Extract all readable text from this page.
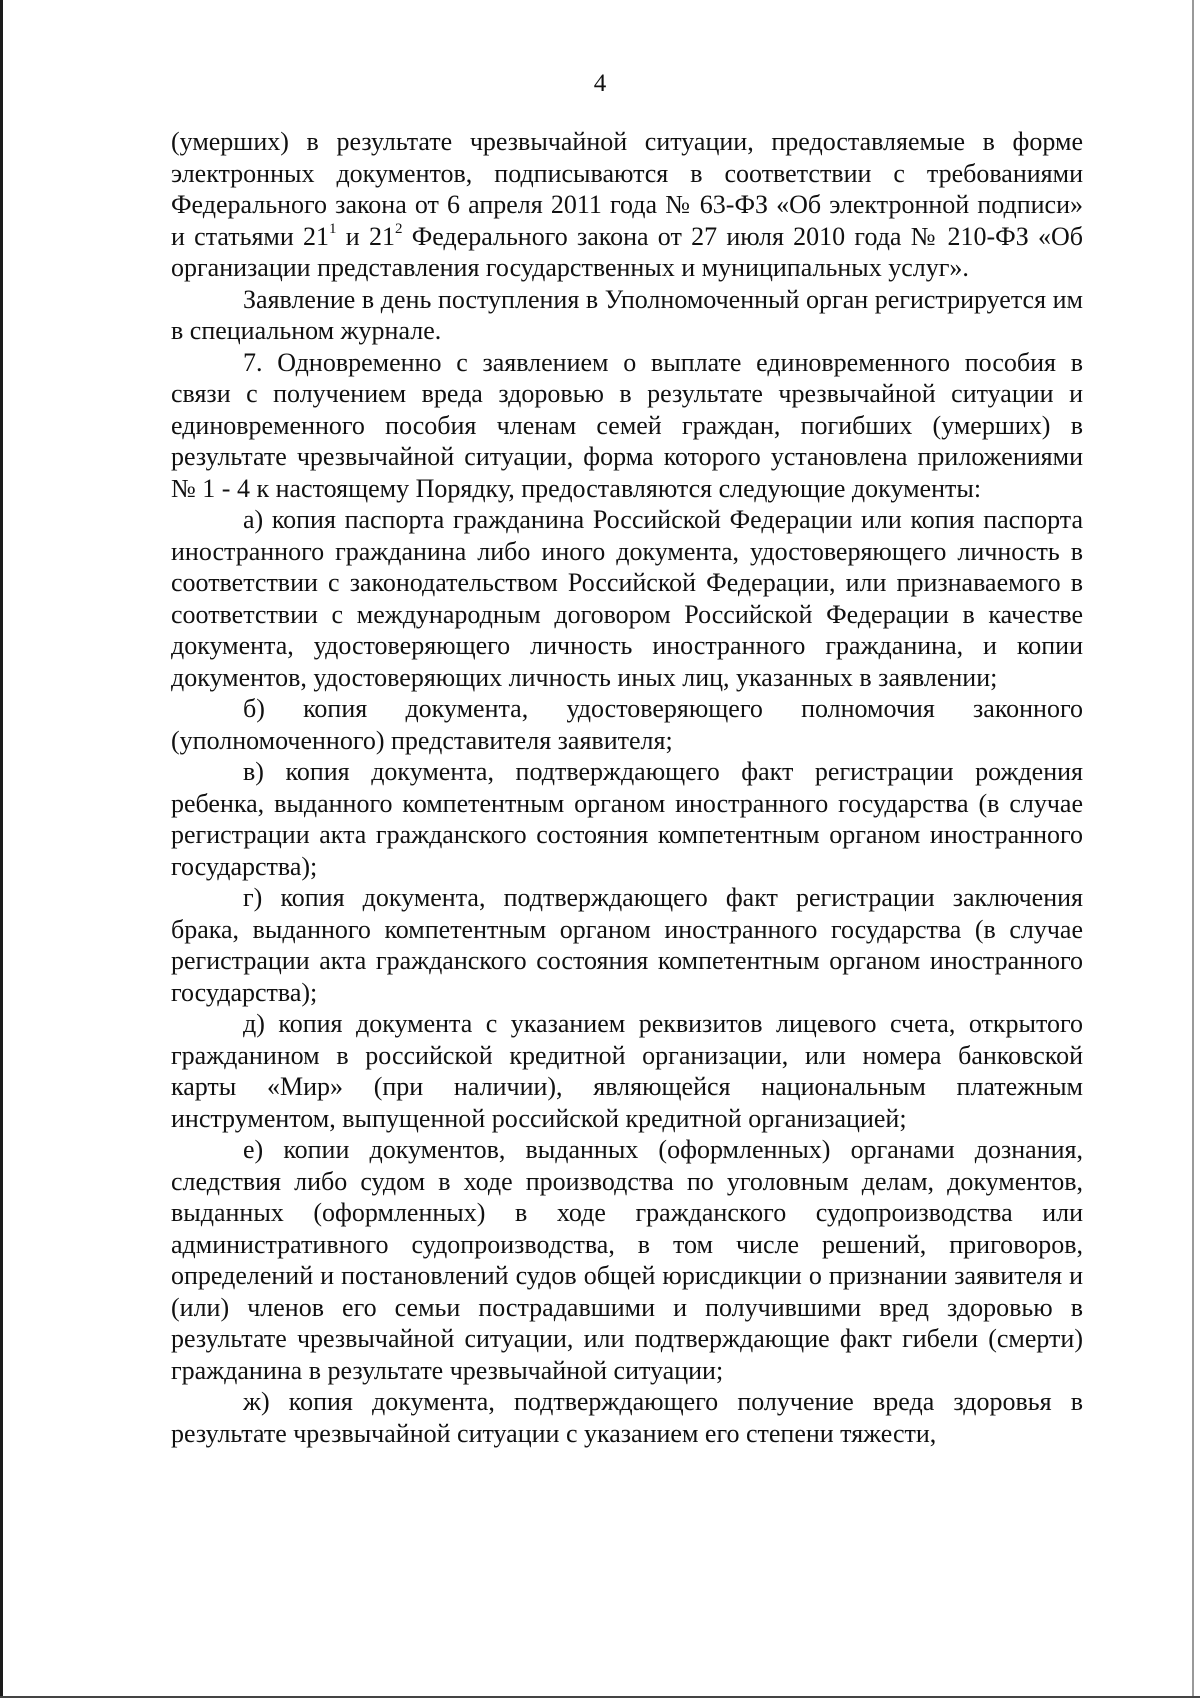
4

(умерших) в результате чрезвычайной ситуации, предоставляемые в форме электронных документов, подписываются в соответствии с требованиями Федерального закона от 6 апреля 2011 года № 63-ФЗ «Об электронной подписи» и статьями $21^1$ и $21^2$ Федерального закона от 27 июля 2010 года № 210-ФЗ «Об организации представления государственных и муниципальных услуг».

Заявление в день поступления в Уполномоченный орган регистрируется им в специальном журнале.

7. Одновременно с заявлением о выплате единовременного пособия в связи с получением вреда здоровью в результате чрезвычайной ситуации и единовременного пособия членам семей граждан, погибших (умерших) в результате чрезвычайной ситуации, форма которого установлена приложениями № 1 - 4 к настоящему Порядку, предоставляются следующие документы:

а) копия паспорта гражданина Российской Федерации или копия паспорта иностранного гражданина либо иного документа, удостоверяющего личность в соответствии с законодательством Российской Федерации, или признаваемого в соответствии с международным договором Российской Федерации в качестве документа, удостоверяющего личность иностранного гражданина, и копии документов, удостоверяющих личность иных лиц, указанных в заявлении;

б) копия документа, удостоверяющего полномочия законного (уполномоченного) представителя заявителя;

в) копия документа, подтверждающего факт регистрации рождения ребенка, выданного компетентным органом иностранного государства (в случае регистрации акта гражданского состояния компетентным органом иностранного государства);

г) копия документа, подтверждающего факт регистрации заключения брака, выданного компетентным органом иностранного государства (в случае регистрации акта гражданского состояния компетентным органом иностранного государства);

д) копия документа с указанием реквизитов лицевого счета, открытого гражданином в российской кредитной организации, или номера банковской карты «Мир» (при наличии), являющейся национальным платежным инструментом, выпущенной российской кредитной организацией;

е) копии документов, выданных (оформленных) органами дознания, следствия либо судом в ходе производства по уголовным делам, документов, выданных (оформленных) в ходе гражданского судопроизводства или административного судопроизводства, в том числе решений, приговоров, определений и постановлений судов общей юрисдикции о признании заявителя и (или) членов его семьи пострадавшими и получившими вред здоровью в результате чрезвычайной ситуации, или подтверждающие факт гибели (смерти) гражданина в результате чрезвычайной ситуации;

ж) копия документа, подтверждающего получение вреда здоровья в результате чрезвычайной ситуации с указанием его степени тяжести,
